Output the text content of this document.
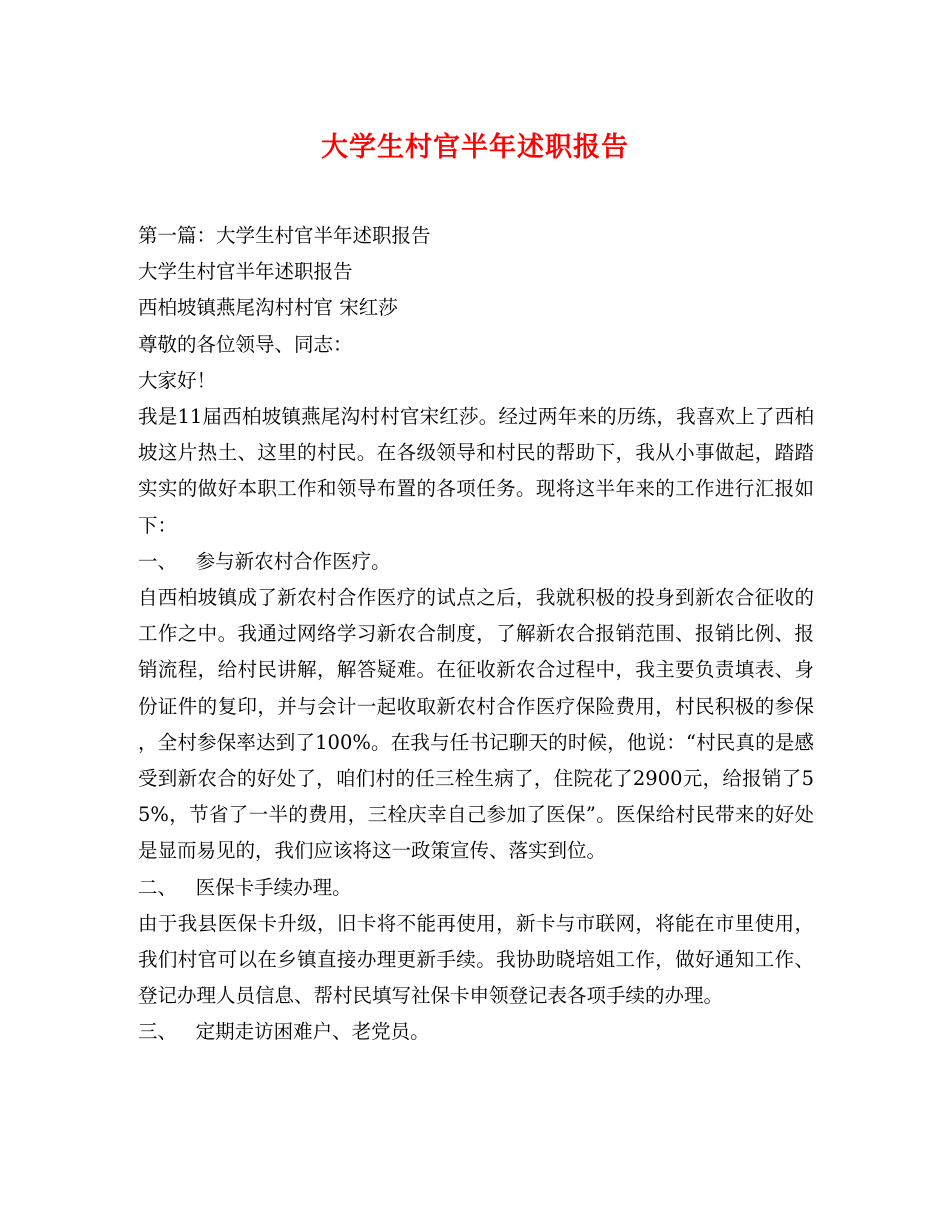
大学生村官半年述职报告
第一篇：大学生村官半年述职报告
大学生村官半年述职报告
西柏坡镇燕尾沟村村官 宋红莎
尊敬的各位领导、同志：
大家好！
我是11届西柏坡镇燕尾沟村村官宋红莎。经过两年来的历练，我喜欢上了西柏坡这片热土、这里的村民。在各级领导和村民的帮助下，我从小事做起，踏踏实实的做好本职工作和领导布置的各项任务。现将这半年来的工作进行汇报如下：
一、   参与新农村合作医疗。
自西柏坡镇成了新农村合作医疗的试点之后，我就积极的投身到新农合征收的工作之中。我通过网络学习新农合制度，了解新农合报销范围、报销比例、报销流程，给村民讲解，解答疑难。在征收新农合过程中，我主要负责填表、身份证件的复印，并与会计一起收取新农村合作医疗保险费用，村民积极的参保，全村参保率达到了100%。在我与任书记聊天的时候，他说：“村民真的是感受到新农合的好处了，咱们村的任三栓生病了，住院花了2900元，给报销了55%，节省了一半的费用，三栓庆幸自己参加了医保”。医保给村民带来的好处是显而易见的，我们应该将这一政策宣传、落实到位。
二、   医保卡手续办理。
由于我县医保卡升级，旧卡将不能再使用，新卡与市联网，将能在市里使用，我们村官可以在乡镇直接办理更新手续。我协助晓培姐工作，做好通知工作、登记办理人员信息、帮村民填写社保卡申领登记表各项手续的办理。
三、   定期走访困难户、老党员。
